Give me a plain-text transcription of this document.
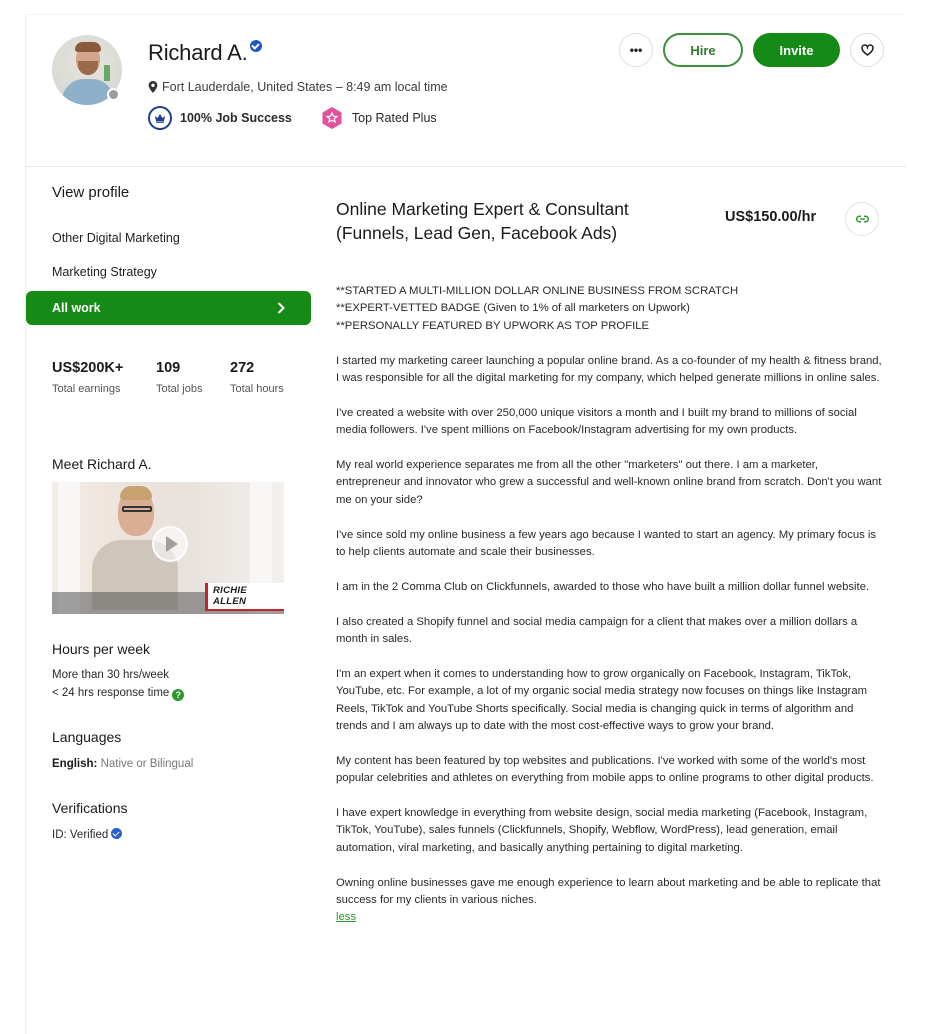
Richard A.
Fort Lauderdale, United States – 8:49 am local time
100% Job Success	Top Rated Plus
•••	Hire	Invite
View profile
Other Digital Marketing
Marketing Strategy
All work
US$200K+
Total earnings
109
Total jobs
272
Total hours
Meet Richard A.
RICHIE ALLEN
Hours per week
More than 30 hrs/week
< 24 hrs response time ?
Languages
English: Native or Bilingual
Verifications
ID: Verified
Online Marketing Expert & Consultant (Funnels, Lead Gen, Facebook Ads)
US$150.00/hr

**STARTED A MULTI-MILLION DOLLAR ONLINE BUSINESS FROM SCRATCH
**EXPERT-VETTED BADGE (Given to 1% of all marketers on Upwork)
**PERSONALLY FEATURED BY UPWORK AS TOP PROFILE

I started my marketing career launching a popular online brand. As a co-founder of my health & fitness brand, I was responsible for all the digital marketing for my company, which helped generate millions in online sales.

I've created a website with over 250,000 unique visitors a month and I built my brand to millions of social media followers. I've spent millions on Facebook/Instagram advertising for my own products.

My real world experience separates me from all the other "marketers" out there. I am a marketer, entrepreneur and innovator who grew a successful and well-known online brand from scratch. Don't you want me on your side?

I've since sold my online business a few years ago because I wanted to start an agency. My primary focus is to help clients automate and scale their businesses.

I am in the 2 Comma Club on Clickfunnels, awarded to those who have built a million dollar funnel website.

I also created a Shopify funnel and social media campaign for a client that makes over a million dollars a month in sales.

I'm an expert when it comes to understanding how to grow organically on Facebook, Instagram, TikTok, YouTube, etc. For example, a lot of my organic social media strategy now focuses on things like Instagram Reels, TikTok and YouTube Shorts specifically. Social media is changing quick in terms of algorithm and trends and I am always up to date with the most cost-effective ways to grow your brand.

My content has been featured by top websites and publications. I've worked with some of the world's most popular celebrities and athletes on everything from mobile apps to online programs to other digital products.

I have expert knowledge in everything from website design, social media marketing (Facebook, Instagram, TikTok, YouTube), sales funnels (Clickfunnels, Shopify, Webflow, WordPress), lead generation, email automation, viral marketing, and basically anything pertaining to digital marketing.

Owning online businesses gave me enough experience to learn about marketing and be able to replicate that success for my clients in various niches.

less
